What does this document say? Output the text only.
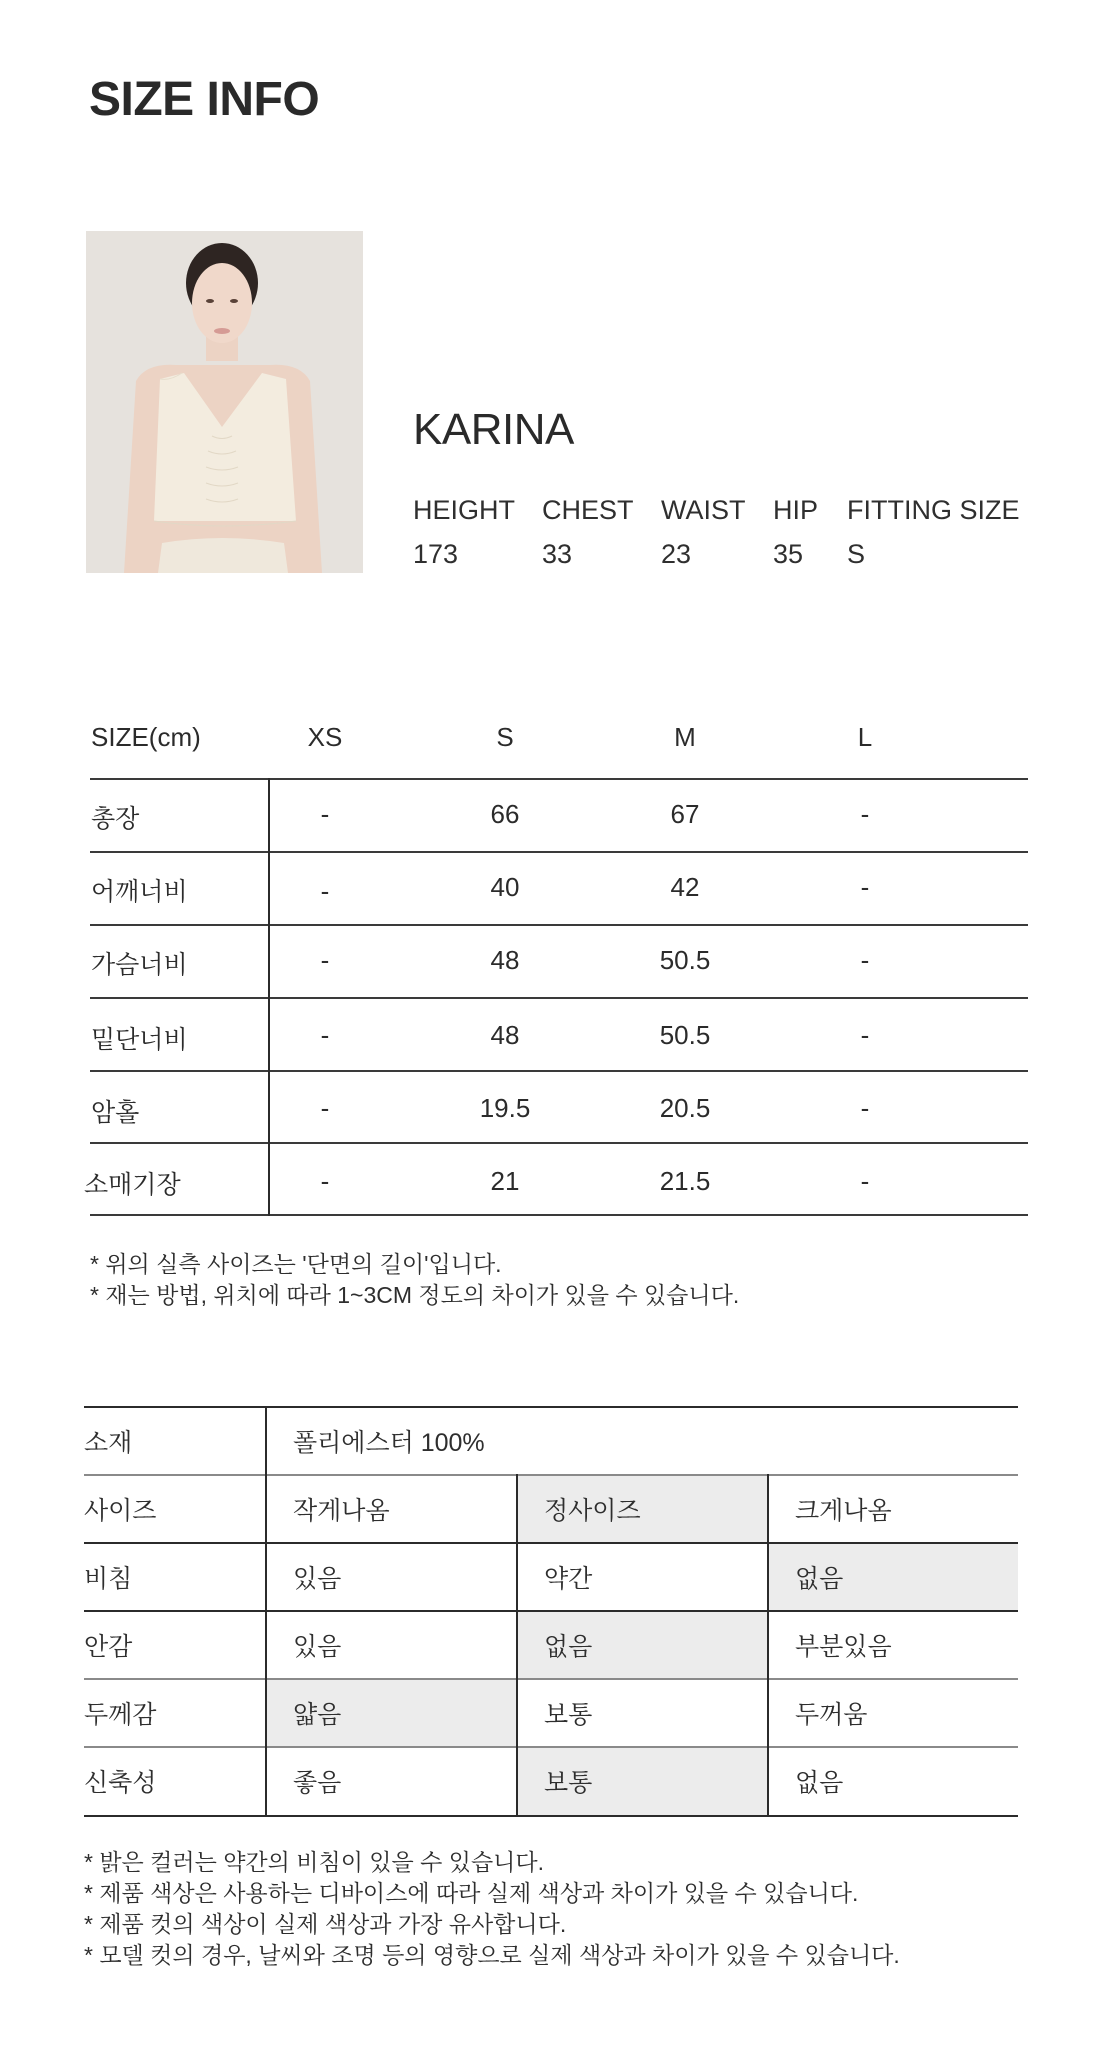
SIZE INFO
KARINA
HEIGHT
173
CHEST
33
WAIST
23
HIP
35
FITTING SIZE
S
SIZE(cm)	XS	S	M	L
총장	-	66	67	-
어깨너비	-	40	42	-
가슴너비	-	48	50.5	-
밑단너비	-	48	50.5	-
암홀	-	19.5	20.5	-
소매기장	-	21	21.5	-
* 위의 실측 사이즈는 '단면의 길이'입니다.
* 재는 방법, 위치에 따라 1~3CM 정도의 차이가 있을 수 있습니다.
소재	폴리에스터 100%
사이즈	작게나옴	정사이즈	크게나옴
비침	있음	약간	없음
안감	있음	없음	부분있음
두께감	얇음	보통	두꺼움
신축성	좋음	보통	없음
* 밝은 컬러는 약간의 비침이 있을 수 있습니다.
* 제품 색상은 사용하는 디바이스에 따라 실제 색상과 차이가 있을 수 있습니다.
* 제품 컷의 색상이 실제 색상과 가장 유사합니다.
* 모델 컷의 경우, 날씨와 조명 등의 영향으로 실제 색상과 차이가 있을 수 있습니다.
